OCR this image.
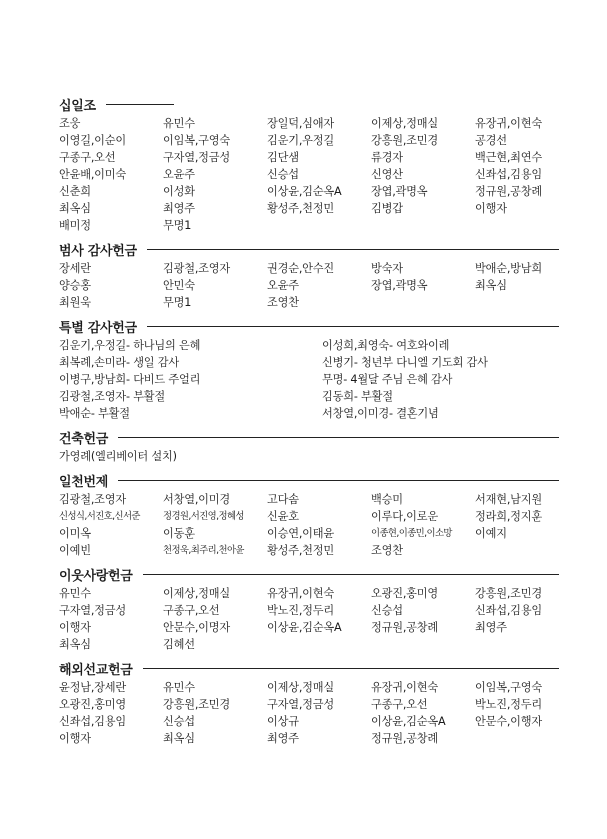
십일조
조웅	유민수	장일덕,심애자	이제상,정매실	유장귀,이현숙
이영길,이순이	이임복,구영숙	김운기,우정길	강흥원,조민경	공경선
구종구,오선	구자열,정금성	김단샘	류경자	백근현,최연수
안윤배,이미숙	오윤주	신승섭	신영산	신좌섭,김용임
신춘희	이성화	이상윤,김순옥A	장엽,곽명옥	정규원,공창례
최옥심	최영주	황성주,천정민	김병갑	이행자
배미정	무명1
범사 감사헌금
장세란	김광철,조영자	권경순,안수진	방숙자	박애순,방남희
양승홍	안민숙	오윤주	장엽,곽명옥	최옥심
최원욱	무명1	조영찬
특별 감사헌금
김운기,우정길- 하나님의 은혜	이성희,최영숙- 여호와이레
최복례,손미라- 생일 감사	신병기- 청년부 다니엘 기도회 감사
이병구,방남희- 다비드 주얼리	무명- 4월달 주님 은혜 감사
김광철,조영자- 부활절	김동희- 부활절
박애순- 부활절	서창열,이미경- 결혼기념
건축헌금
가영례(엘리베이터 설치)
일천번제
김광철,조영자	서창열,이미경	고다솜	백승미	서재현,남지원
신성식,서진호,신서준	정경원,서진영,정혜성	신윤호	이루다,이로운	정라희,정지훈
이미옥	이동훈	이승연,이태윤	이종현,이종민,이소망	이예지
이예빈	천정욱,최주리,천아윤	황성주,천정민	조영찬
이웃사랑헌금
유민수	이제상,정매실	유장귀,이현숙	오광진,홍미영	강흥원,조민경
구자열,정금성	구종구,오선	박노진,정두리	신승섭	신좌섭,김용임
이행자	안문수,이명자	이상윤,김순옥A	정규원,공창례	최영주
최옥심	김혜선
해외선교헌금
윤정남,장세란	유민수	이제상,정매실	유장귀,이현숙	이임복,구영숙
오광진,홍미영	강흥원,조민경	구자열,정금성	구종구,오선	박노진,정두리
신좌섭,김용임	신승섭	이상규	이상윤,김순옥A	안문수,이행자
이행자	최옥심	최영주	정규원,공창례
